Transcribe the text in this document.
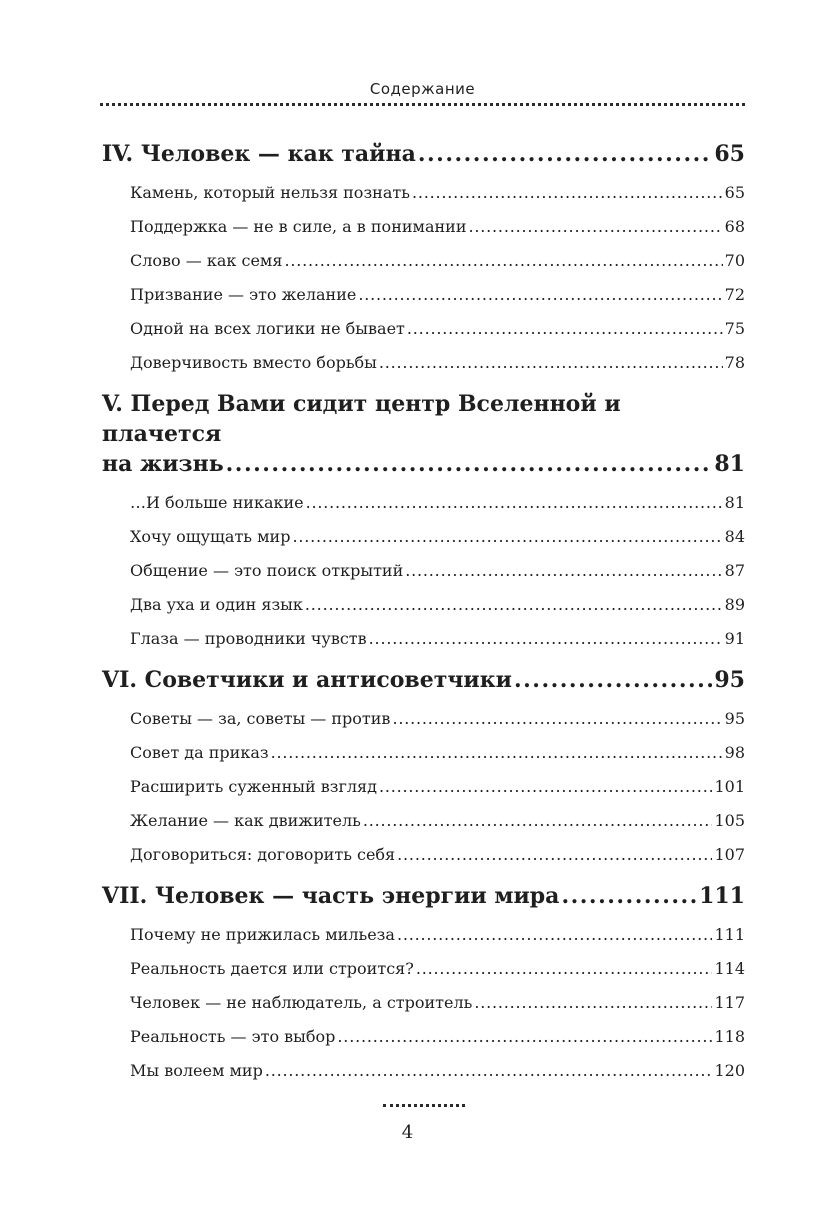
Содержание
IV. Человек — как тайна .....	65
Камень, который нельзя познать .....	65
Поддержка — не в силе, а в понимании .....	68
Слово — как семя .....	70
Призвание — это желание .....	72
Одной на всех логики не бывает .....	75
Доверчивость вместо борьбы .....	78
V. Перед Вами сидит центр Вселенной и плачется
на жизнь .....	81
…И больше никакие .....	81
Хочу ощущать мир .....	84
Общение — это поиск открытий .....	87
Два уха и один язык .....	89
Глаза — проводники чувств .....	91
VI. Советчики и антисоветчики .....	95
Советы — за, советы — против .....	95
Совет да приказ .....	98
Расширить суженный взгляд .....	101
Желание — как движитель .....	105
Договориться: договорить себя .....	107
VII. Человек — часть энергии мира .....	111
Почему не прижилась мильеза .....	111
Реальность дается или строится? .....	114
Человек — не наблюдатель, а строитель .....	117
Реальность — это выбор .....	118
Мы волеем мир .....	120
4
